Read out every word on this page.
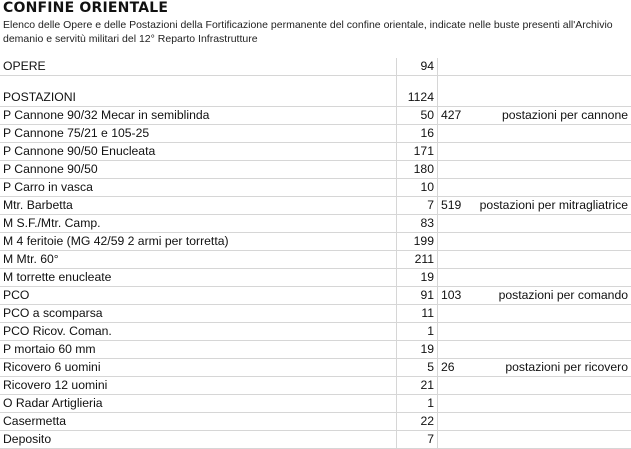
CONFINE ORIENTALE
Elenco delle Opere e delle Postazioni della Fortificazione permanente del confine orientale, indicate nelle buste presenti all'Archivio demanio e servitù militari del 12° Reparto Infrastrutture
OPERE	94		

POSTAZIONI	1124		
P Cannone 90/32 Mecar in semiblinda	50	427	postazioni per cannone
P Cannone 75/21 e 105-25	16		
P Cannone 90/50 Enucleata	171		
P Cannone 90/50	180		
P Carro in vasca	10		
Mtr. Barbetta	7	519	postazioni per mitragliatrice
M S.F./Mtr. Camp.	83		
M 4 feritoie (MG 42/59 2 armi per torretta)	199		
M Mtr. 60°	211		
M torrette enucleate	19		
PCO	91	103	postazioni per comando
PCO a scomparsa	11		
PCO Ricov. Coman.	1		
P mortaio 60 mm	19		
Ricovero 6 uomini	5	26	postazioni per ricovero
Ricovero 12 uomini	21		
O Radar Artiglieria	1		
Casermetta	22		
Deposito	7		
